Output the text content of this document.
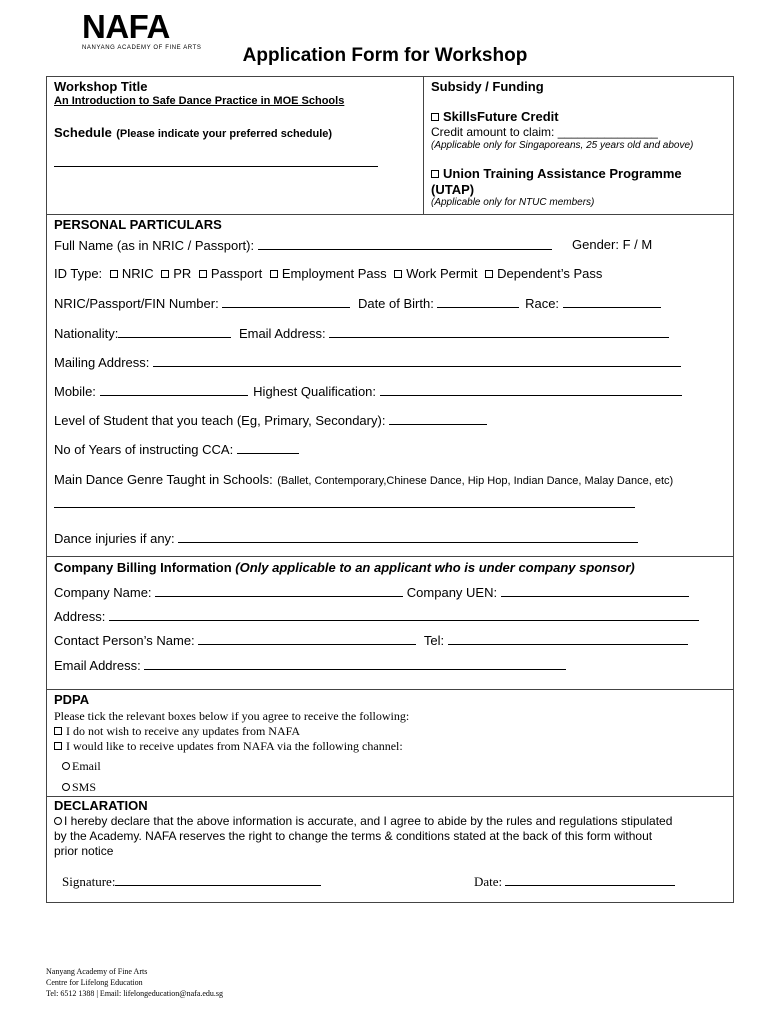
NAFA
NANYANG ACADEMY OF FINE ARTS	Application Form for Workshop
Workshop Title
An Introduction to Safe Dance Practice in MOE Schools
Schedule (Please indicate your preferred schedule)
Subsidy / Funding
SkillsFuture Credit
Credit amount to claim: _______________
(Applicable only for Singaporeans, 25 years old and above)
Union Training Assistance Programme
(UTAP)
(Applicable only for NTUC members)
PERSONAL PARTICULARS
Full Name (as in NRIC / Passport):	Gender: F / M
ID Type: NRIC PR Passport Employment Pass Work Permit Dependent’s Pass
NRIC/Passport/FIN Number:	Date of Birth:	Race:
Nationality:	Email Address:
Mailing Address:
Mobile:	Highest Qualification:
Level of Student that you teach (Eg, Primary, Secondary):
No of Years of instructing CCA:
Main Dance Genre Taught in Schools: (Ballet, Contemporary,Chinese Dance, Hip Hop, Indian Dance, Malay Dance, etc)
Dance injuries if any:
Company Billing Information (Only applicable to an applicant who is under company sponsor)
Company Name:	Company UEN:
Address:
Contact Person’s Name:	Tel:
Email Address:
PDPA
Please tick the relevant boxes below if you agree to receive the following:
I do not wish to receive any updates from NAFA
I would like to receive updates from NAFA via the following channel:
Email
SMS
DECLARATION
I hereby declare that the above information is accurate, and I agree to abide by the rules and regulations stipulated
by the Academy. NAFA reserves the right to change the terms & conditions stated at the back of this form without
prior notice
Signature:	Date:
Nanyang Academy of Fine Arts
Centre for Lifelong Education
Tel: 6512 1388 | Email: lifelongeducation@nafa.edu.sg
